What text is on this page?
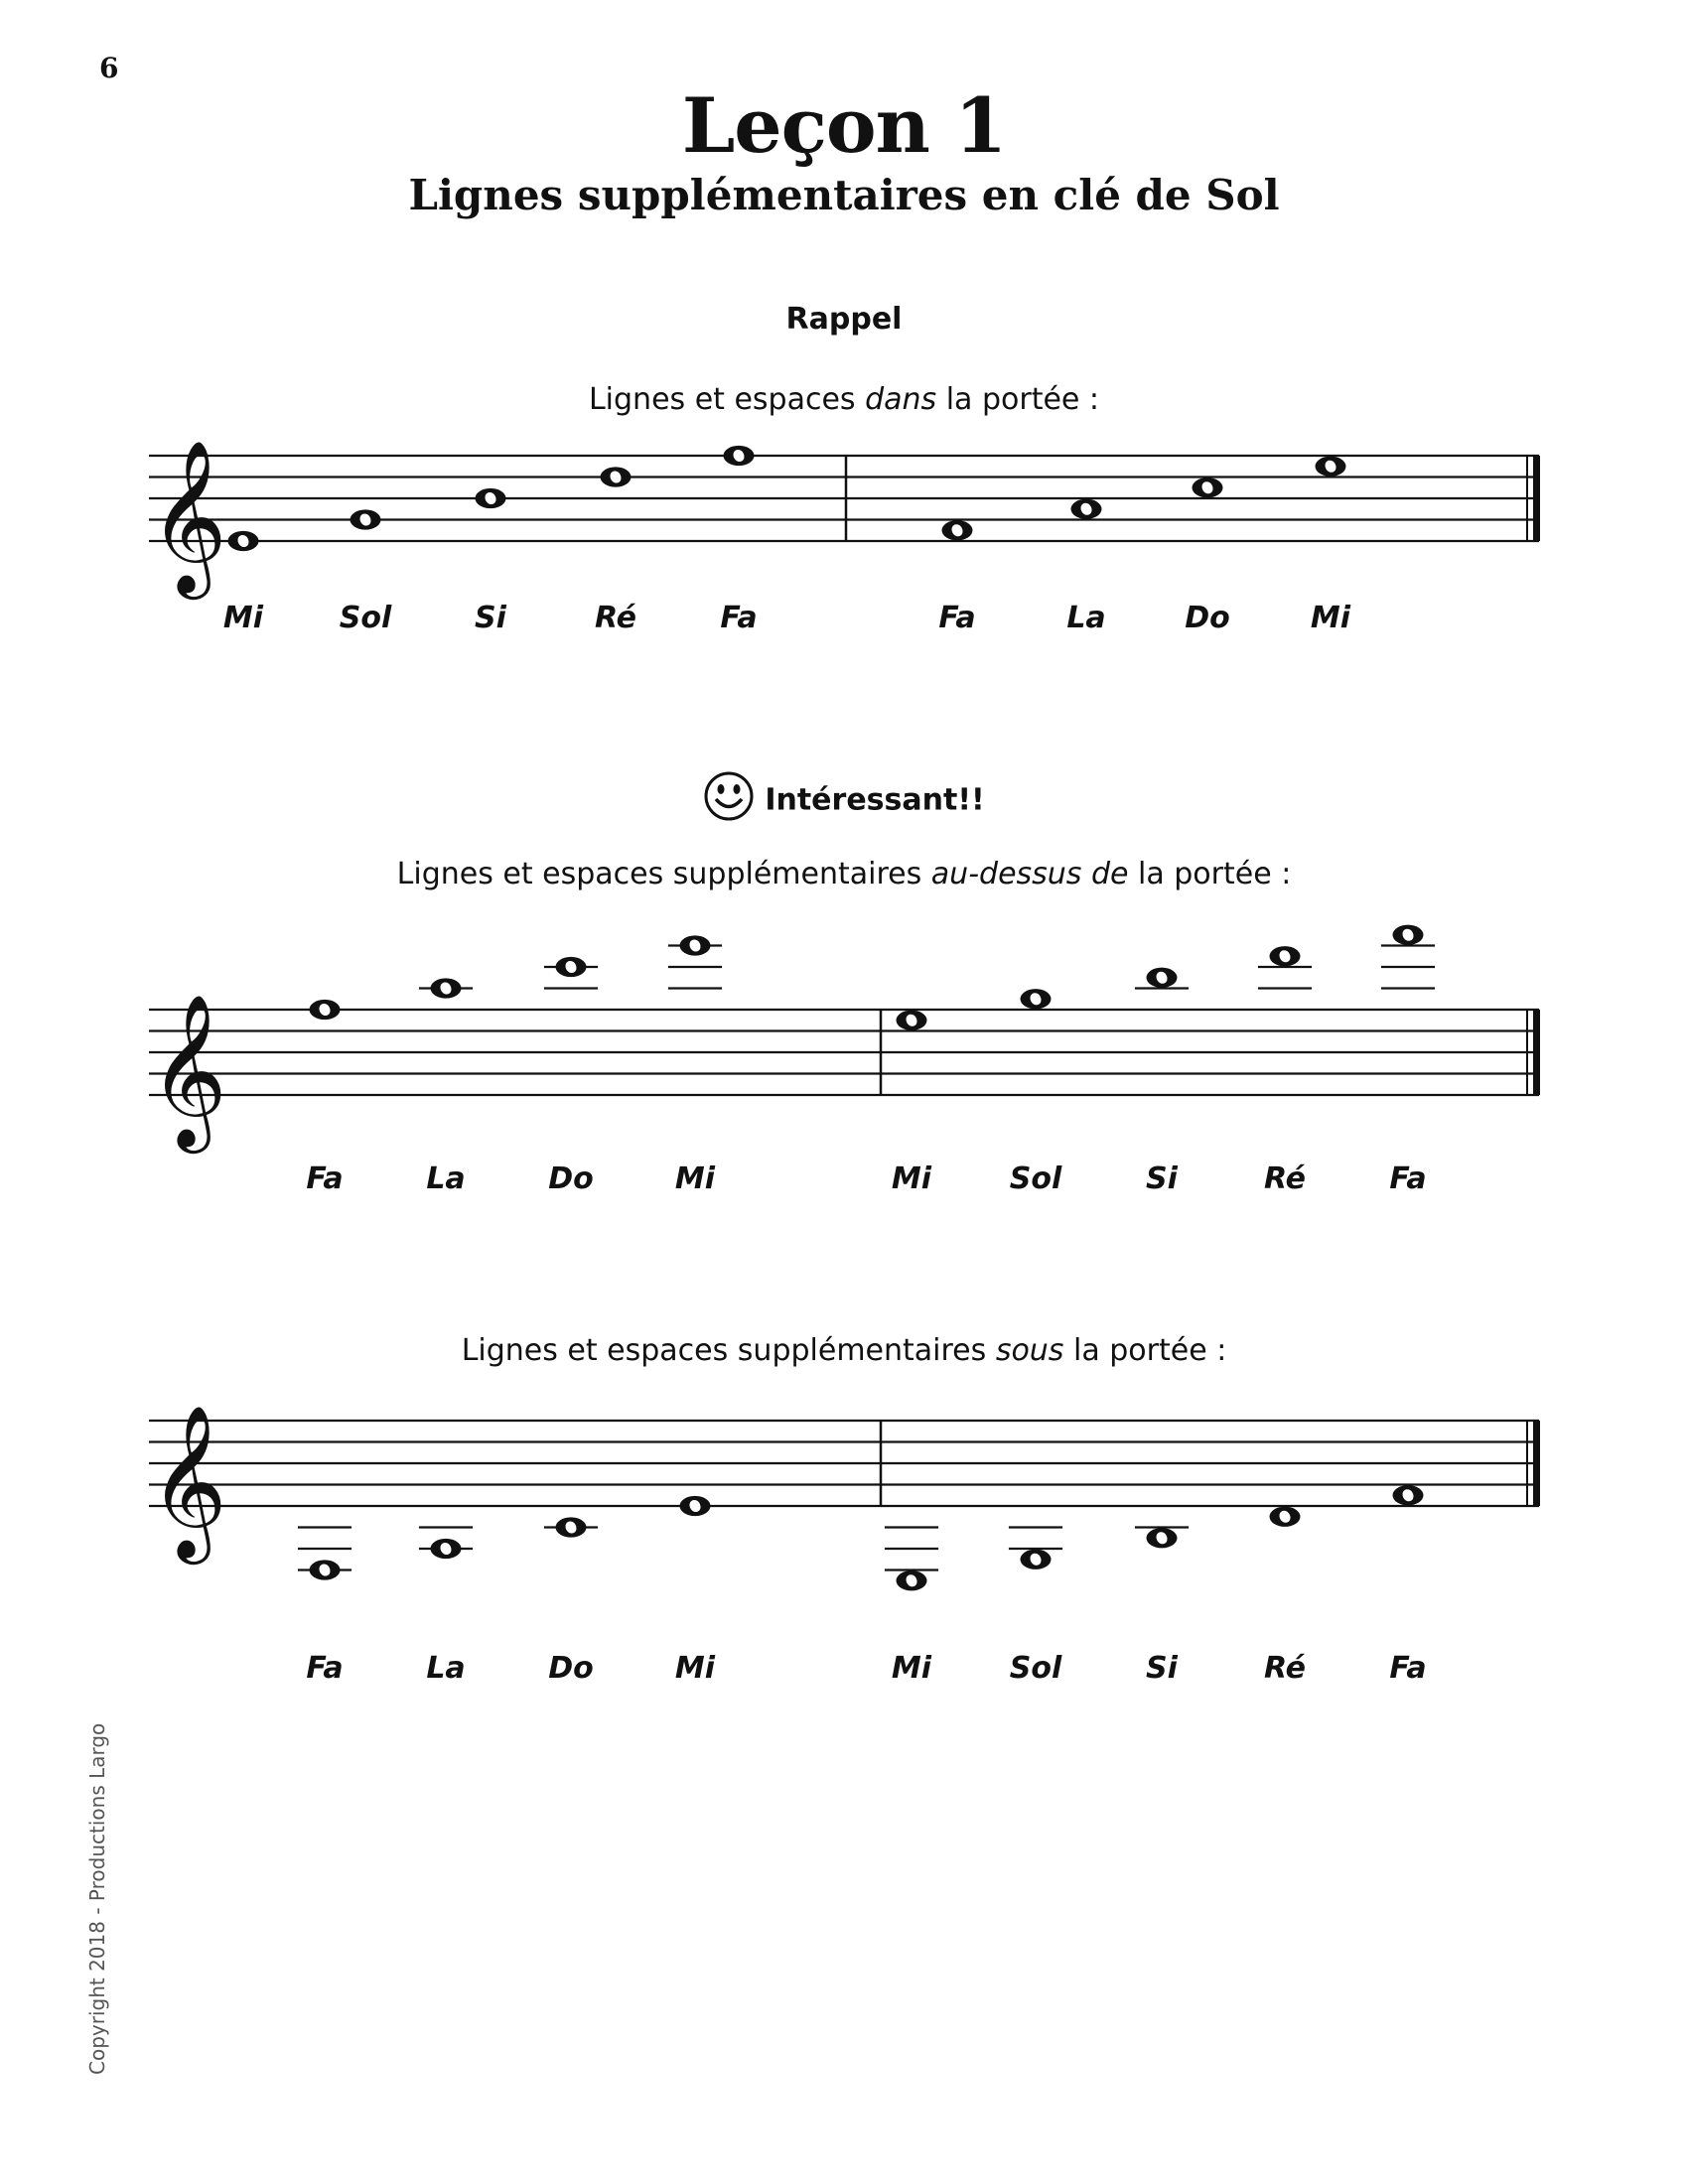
6
Leçon 1
Lignes supplémentaires en clé de Sol
Rappel
Lignes et espaces dans la portée :
𝄞
Mi	Sol	Si	Ré	Fa	Fa	La	Do	Mi
Intéressant!!
Lignes et espaces supplémentaires au-dessus de la portée :
𝄞
Fa	La	Do	Mi	Mi	Sol	Si	Ré	Fa
Lignes et espaces supplémentaires sous la portée :
𝄞
Fa	La	Do	Mi	Mi	Sol	Si	Ré	Fa
Copyright 2018 - Productions Largo
